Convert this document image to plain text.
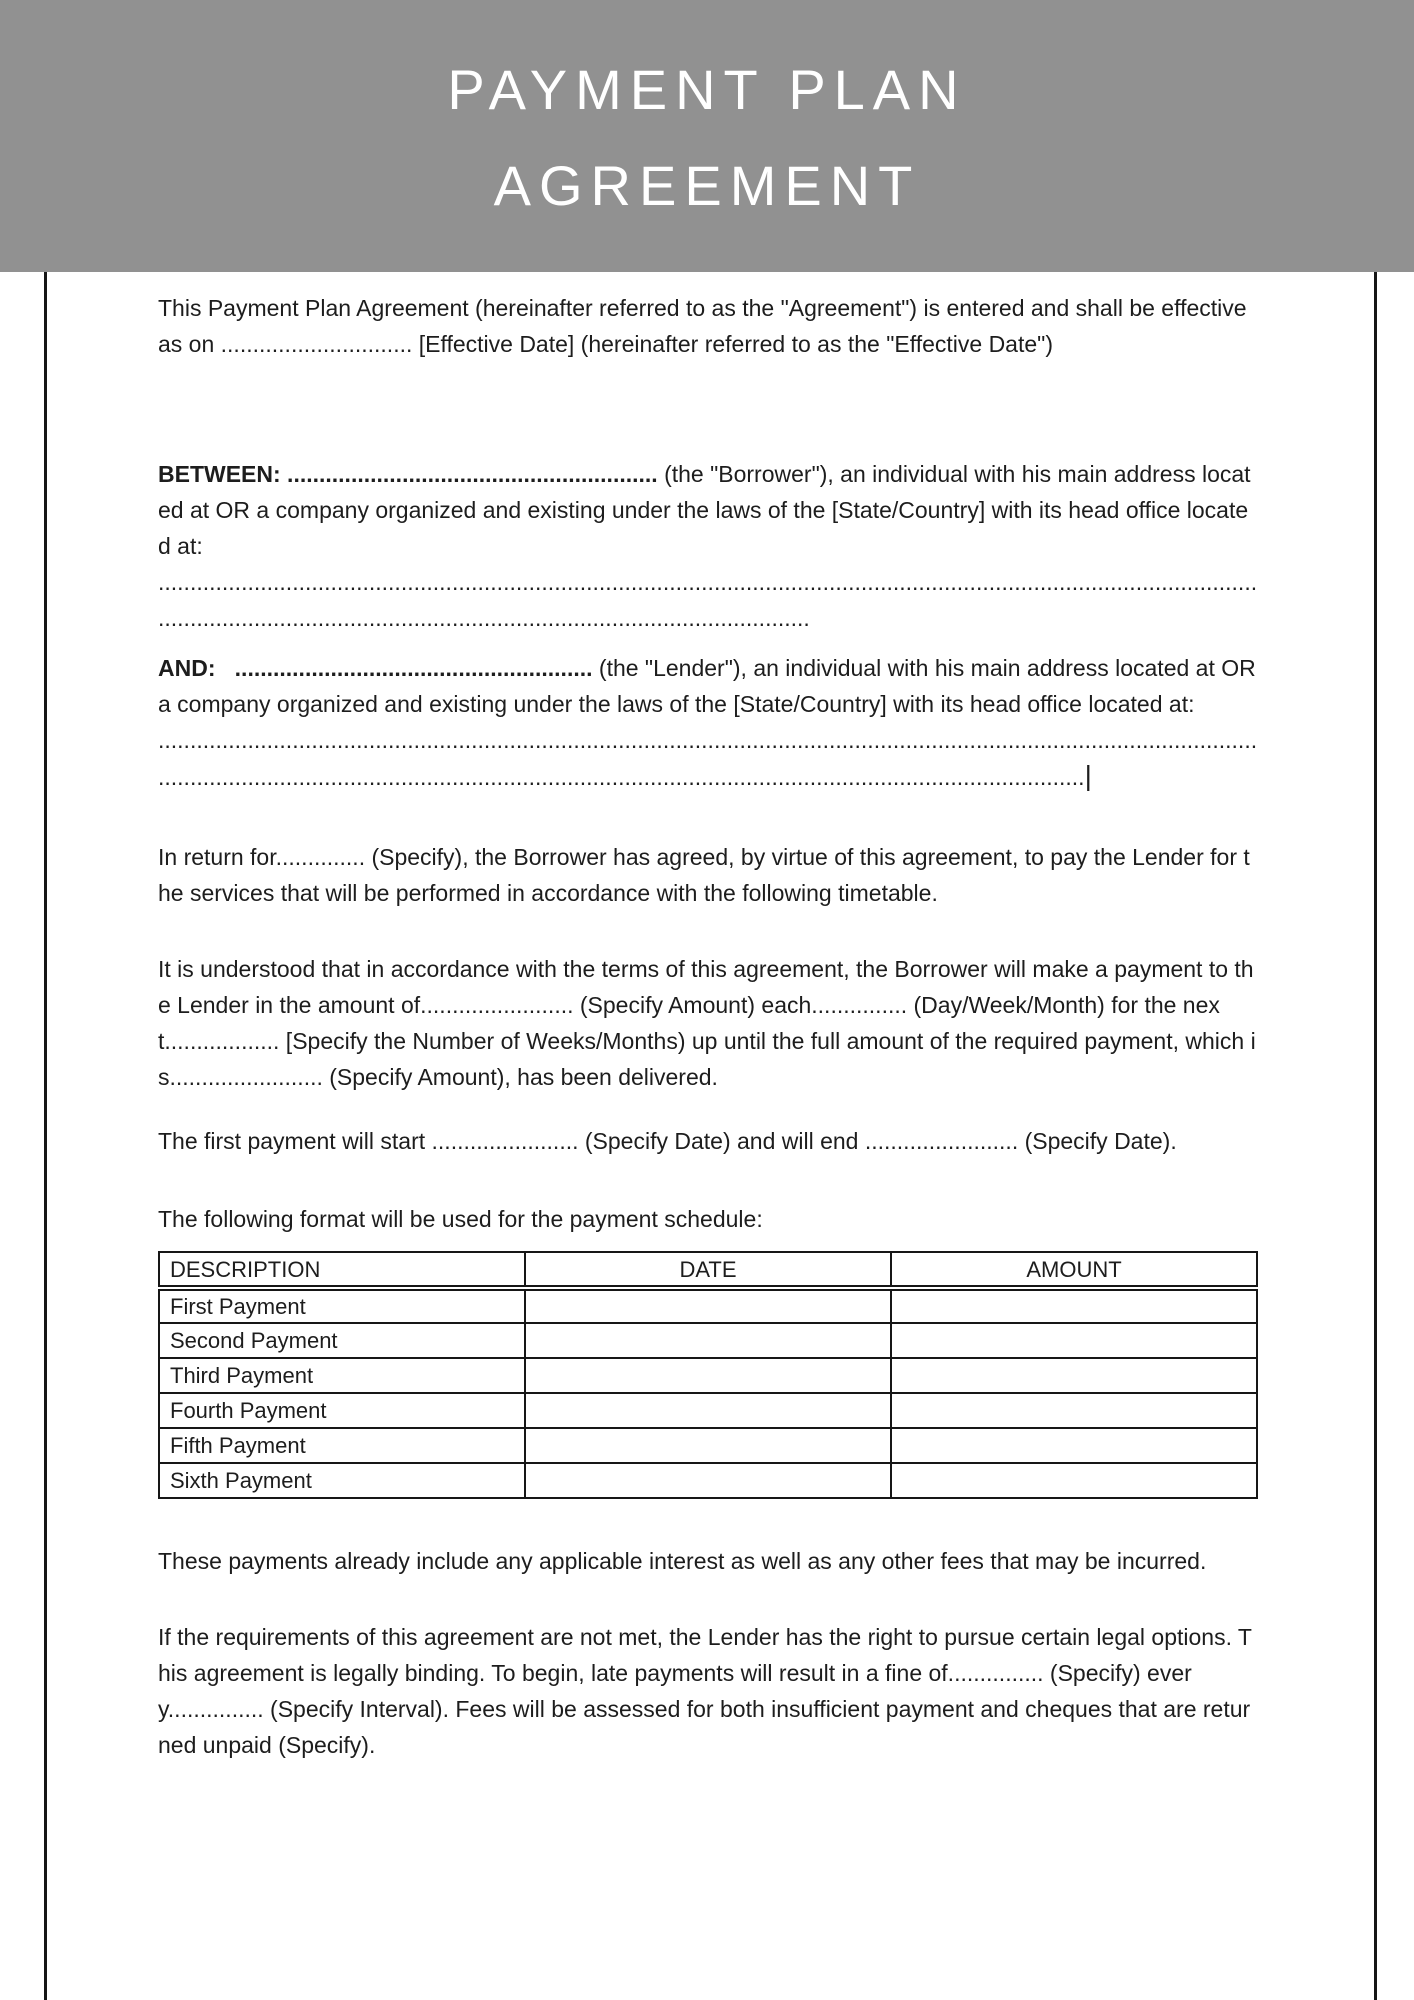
PAYMENT PLAN
AGREEMENT

This Payment Plan Agreement (hereinafter referred to as the "Agreement") is entered and shall be effective as on .............................. [Effective Date] (hereinafter referred to as the "Effective Date")

BETWEEN: .......................................................... (the "Borrower"), an individual with his main address located at OR a company organized and existing under the laws of the [State/Country] with its head office located at: ..................................................................................................................................................................................................................................................................................

AND:   ........................................................ (the "Lender"), an individual with his main address located at OR a company organized and existing under the laws of the [State/Country] with its head office located at: .............................................................................................................................................................................................................................................................................................................................|

In return for.............. (Specify), the Borrower has agreed, by virtue of this agreement, to pay the Lender for the services that will be performed in accordance with the following timetable.

It is understood that in accordance with the terms of this agreement, the Borrower will make a payment to the Lender in the amount of........................ (Specify Amount) each............... (Day/Week/Month) for the next.................. [Specify the Number of Weeks/Months) up until the full amount of the required payment, which is........................ (Specify Amount), has been delivered.

The first payment will start ....................... (Specify Date) and will end ........................ (Specify Date).

The following format will be used for the payment schedule:

DESCRIPTION	DATE	AMOUNT
First Payment		
Second Payment		
Third Payment		
Fourth Payment		
Fifth Payment		
Sixth Payment		

These payments already include any applicable interest as well as any other fees that may be incurred.

If the requirements of this agreement are not met, the Lender has the right to pursue certain legal options. This agreement is legally binding. To begin, late payments will result in a fine of............... (Specify) every............... (Specify Interval). Fees will be assessed for both insufficient payment and cheques that are returned unpaid (Specify).
